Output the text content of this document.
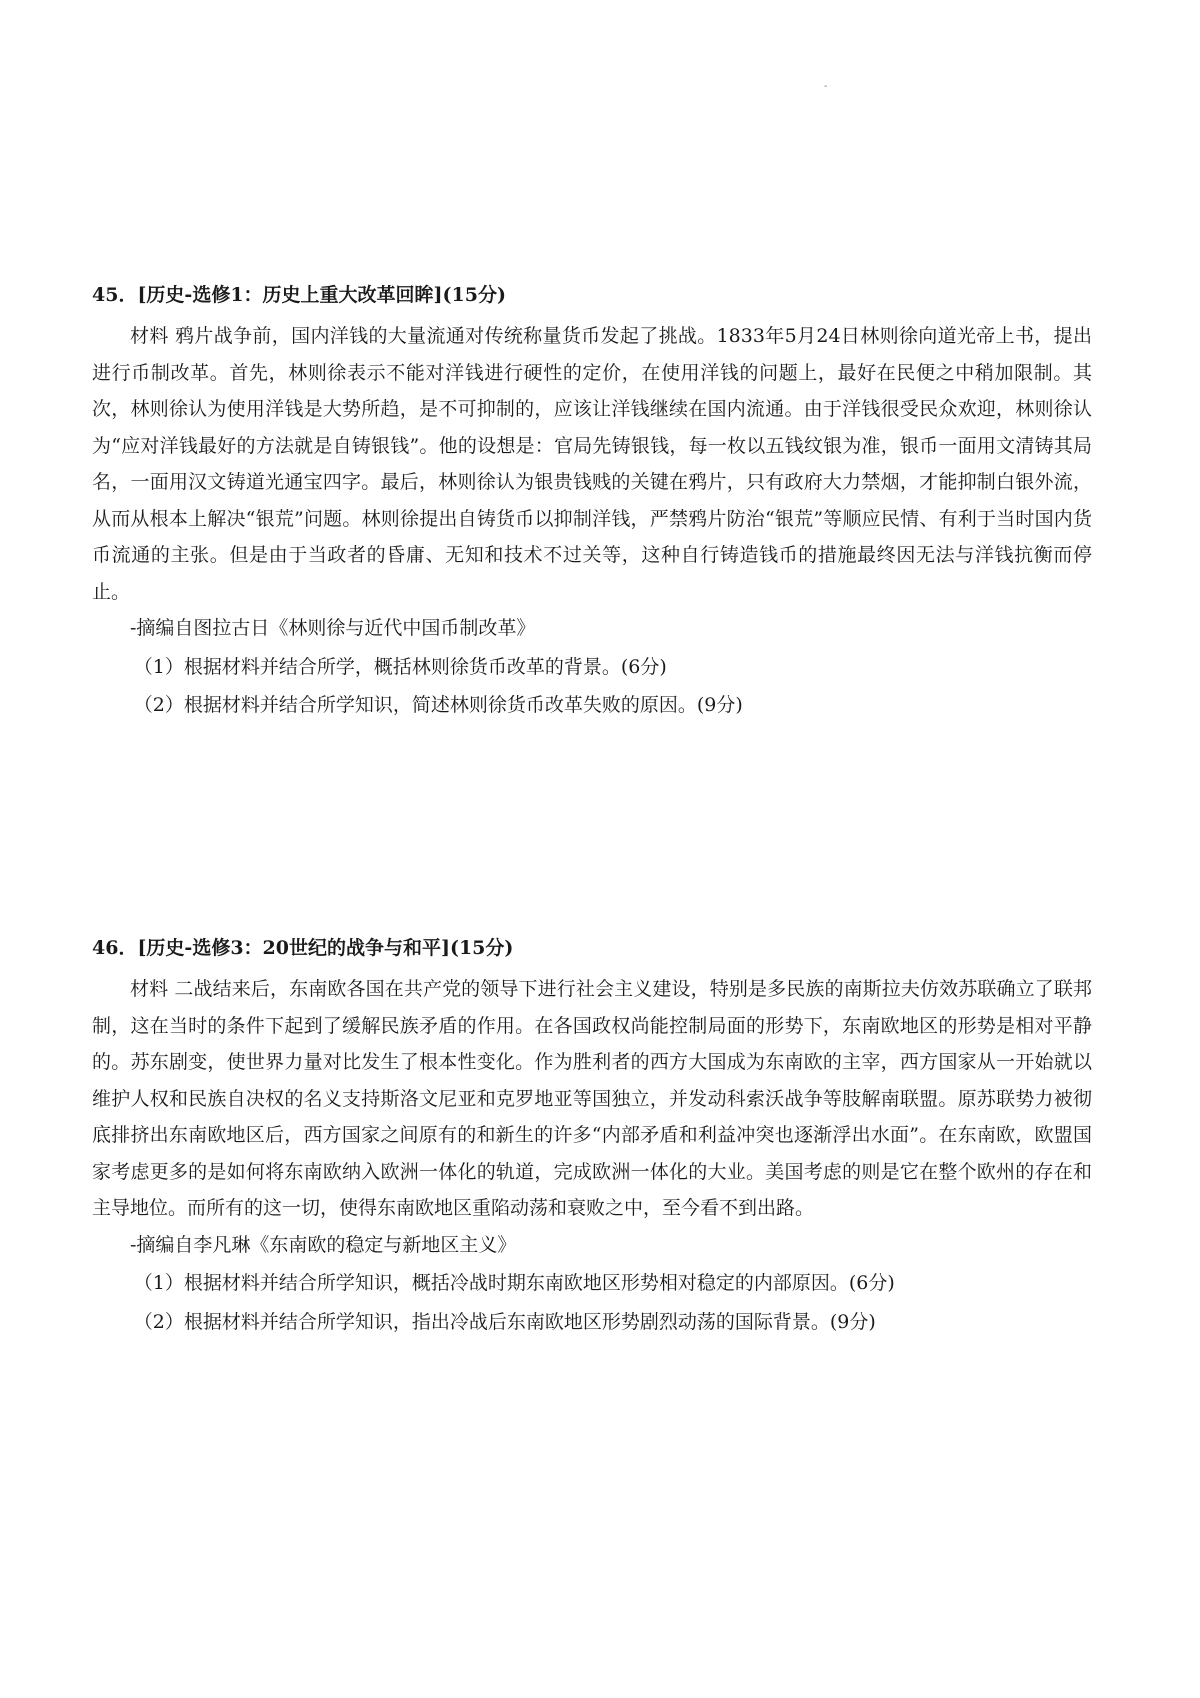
-
45．[历史-选修1：历史上重大改革回眸](15分)

材料 鸦片战争前，国内洋钱的大量流通对传统称量货币发起了挑战。1833年5月24日林则徐向道光帝上书，提出进行币制改革。首先，林则徐表示不能对洋钱进行硬性的定价，在使用洋钱的问题上，最好在民便之中稍加限制。其次，林则徐认为使用洋钱是大势所趋，是不可抑制的，应该让洋钱继续在国内流通。由于洋钱很受民众欢迎，林则徐认为“应对洋钱最好的方法就是自铸银钱”。他的设想是：官局先铸银钱，每一枚以五钱纹银为准，银币一面用文清铸其局名，一面用汉文铸道光通宝四字。最后，林则徐认为银贵钱贱的关键在鸦片，只有政府大力禁烟，才能抑制白银外流，从而从根本上解决“银荒”问题。林则徐提出自铸货币以抑制洋钱，严禁鸦片防治“银荒”等顺应民情、有利于当时国内货币流通的主张。但是由于当政者的昏庸、无知和技术不过关等，这种自行铸造钱币的措施最终因无法与洋钱抗衡而停止。

-摘编自图拉古日《林则徐与近代中国币制改革》

（1）根据材料并结合所学，概括林则徐货币改革的背景。(6分)

（2）根据材料并结合所学知识，简述林则徐货币改革失败的原因。(9分)

46．[历史-选修3：20世纪的战争与和平](15分)

材料 二战结来后，东南欧各国在共产党的领导下进行社会主义建设，特别是多民族的南斯拉夫仿效苏联确立了联邦制，这在当时的条件下起到了缓解民族矛盾的作用。在各国政权尚能控制局面的形势下，东南欧地区的形势是相对平静的。苏东剧变，使世界力量对比发生了根本性变化。作为胜利者的西方大国成为东南欧的主宰，西方国家从一开始就以维护人权和民族自决权的名义支持斯洛文尼亚和克罗地亚等国独立，并发动科索沃战争等肢解南联盟。原苏联势力被彻底排挤出东南欧地区后，西方国家之间原有的和新生的许多“内部矛盾和利益冲突也逐渐浮出水面”。在东南欧，欧盟国家考虑更多的是如何将东南欧纳入欧洲一体化的轨道，完成欧洲一体化的大业。美国考虑的则是它在整个欧州的存在和主导地位。而所有的这一切，使得东南欧地区重陷动荡和衰败之中，至今看不到出路。

-摘编自李凡琳《东南欧的稳定与新地区主义》

（1）根据材料并结合所学知识，概括冷战时期东南欧地区形势相对稳定的内部原因。(6分)

（2）根据材料并结合所学知识，指出冷战后东南欧地区形势剧烈动荡的国际背景。(9分)
